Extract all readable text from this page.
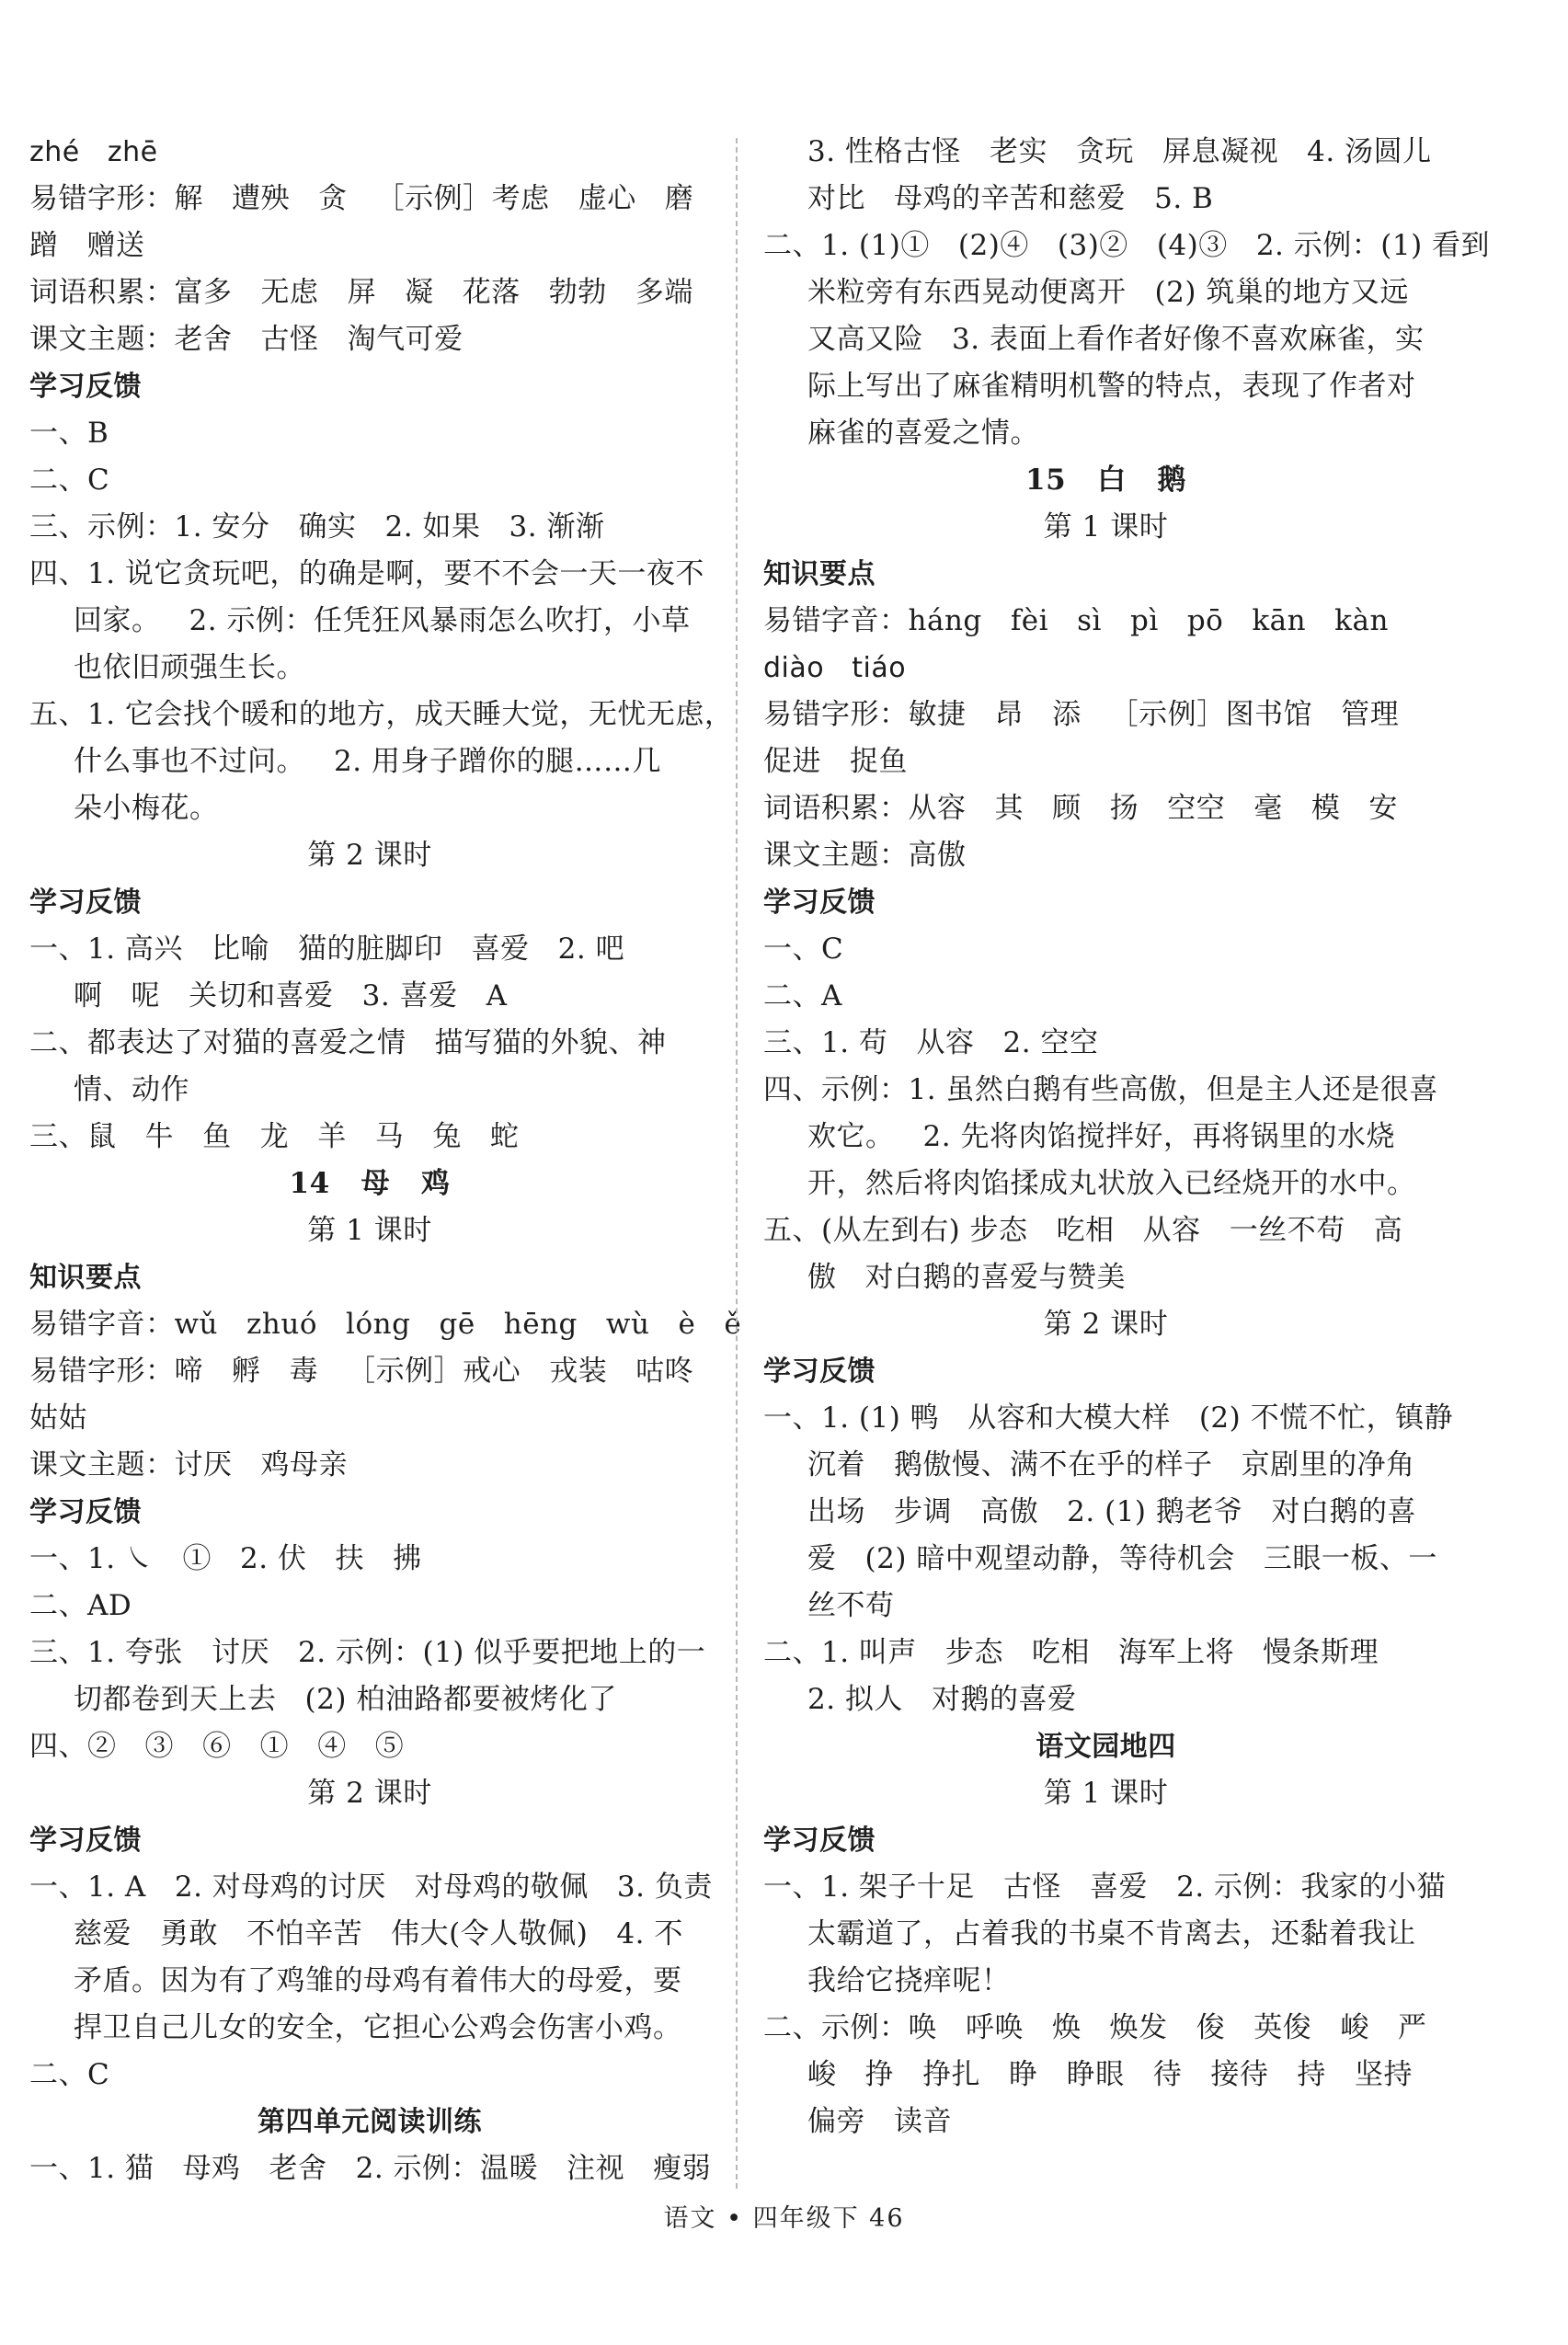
zhé   zhē
易错字形：解   遭殃   贪   ［示例］考虑   虚心   磨
蹭   赠送
词语积累：富多   无虑   屏   凝   花落   勃勃   多端
课文主题：老舍   古怪   淘气可爱
学习反馈
一、B
二、C
三、示例：1. 安分   确实   2. 如果   3. 渐渐
四、1. 说它贪玩吧，的确是啊，要不不会一天一夜不
回家。   2. 示例：任凭狂风暴雨怎么吹打，小草
也依旧顽强生长。
五、1. 它会找个暖和的地方，成天睡大觉，无忧无虑，
什么事也不过问。   2. 用身子蹭你的腿……几
朵小梅花。
第 2 课时
学习反馈
一、1. 高兴   比喻   猫的脏脚印   喜爱   2. 吧
啊   呢   关切和喜爱   3. 喜爱   A
二、都表达了对猫的喜爱之情   描写猫的外貌、神
情、动作
三、鼠   牛   鱼   龙   羊   马   兔   蛇
14   母   鸡
第 1 课时
知识要点
易错字音：wǔ   zhuó   lóng   gē   hēng   wù   è   ě
易错字形：啼   孵   毒   ［示例］戒心   戎装   咕咚
姑姑
课文主题：讨厌   鸡母亲
学习反馈
一、1. ㇏   ①   2. 伏   扶   拂
二、AD
三、1. 夸张   讨厌   2. 示例：(1) 似乎要把地上的一
切都卷到天上去   (2) 柏油路都要被烤化了
四、②   ③   ⑥   ①   ④   ⑤
第 2 课时
学习反馈
一、1. A   2. 对母鸡的讨厌   对母鸡的敬佩   3. 负责
慈爱   勇敢   不怕辛苦   伟大(令人敬佩)   4. 不
矛盾。因为有了鸡雏的母鸡有着伟大的母爱，要
捍卫自己儿女的安全，它担心公鸡会伤害小鸡。
二、C
第四单元阅读训练
一、1. 猫   母鸡   老舍   2. 示例：温暖   注视   瘦弱
3. 性格古怪   老实   贪玩   屏息凝视   4. 汤圆儿
对比   母鸡的辛苦和慈爱   5. B
二、1. (1)①   (2)④   (3)②   (4)③   2. 示例：(1) 看到
米粒旁有东西晃动便离开   (2) 筑巢的地方又远
又高又险   3. 表面上看作者好像不喜欢麻雀，实
际上写出了麻雀精明机警的特点，表现了作者对
麻雀的喜爱之情。
15   白   鹅
第 1 课时
知识要点
易错字音：háng   fèi   sì   pì   pō   kān   kàn
diào   tiáo
易错字形：敏捷   昂   添   ［示例］图书馆   管理
促进   捉鱼
词语积累：从容   其   顾   扬   空空   毫   模   安
课文主题：高傲
学习反馈
一、C
二、A
三、1. 苟   从容   2. 空空
四、示例：1. 虽然白鹅有些高傲，但是主人还是很喜
欢它。   2. 先将肉馅搅拌好，再将锅里的水烧
开，然后将肉馅揉成丸状放入已经烧开的水中。
五、(从左到右) 步态   吃相   从容   一丝不苟   高
傲   对白鹅的喜爱与赞美
第 2 课时
学习反馈
一、1. (1) 鸭   从容和大模大样   (2) 不慌不忙，镇静
沉着   鹅傲慢、满不在乎的样子   京剧里的净角
出场   步调   高傲   2. (1) 鹅老爷   对白鹅的喜
爱   (2) 暗中观望动静，等待机会   三眼一板、一
丝不苟
二、1. 叫声   步态   吃相   海军上将   慢条斯理
2. 拟人   对鹅的喜爱
语文园地四
第 1 课时
学习反馈
一、1. 架子十足   古怪   喜爱   2. 示例：我家的小猫
太霸道了，占着我的书桌不肯离去，还黏着我让
我给它挠痒呢！
二、示例：唤   呼唤   焕   焕发   俊   英俊   峻   严
峻   挣   挣扎   睁   睁眼   待   接待   持   坚持
偏旁   读音
语文 • 四年级下 46
